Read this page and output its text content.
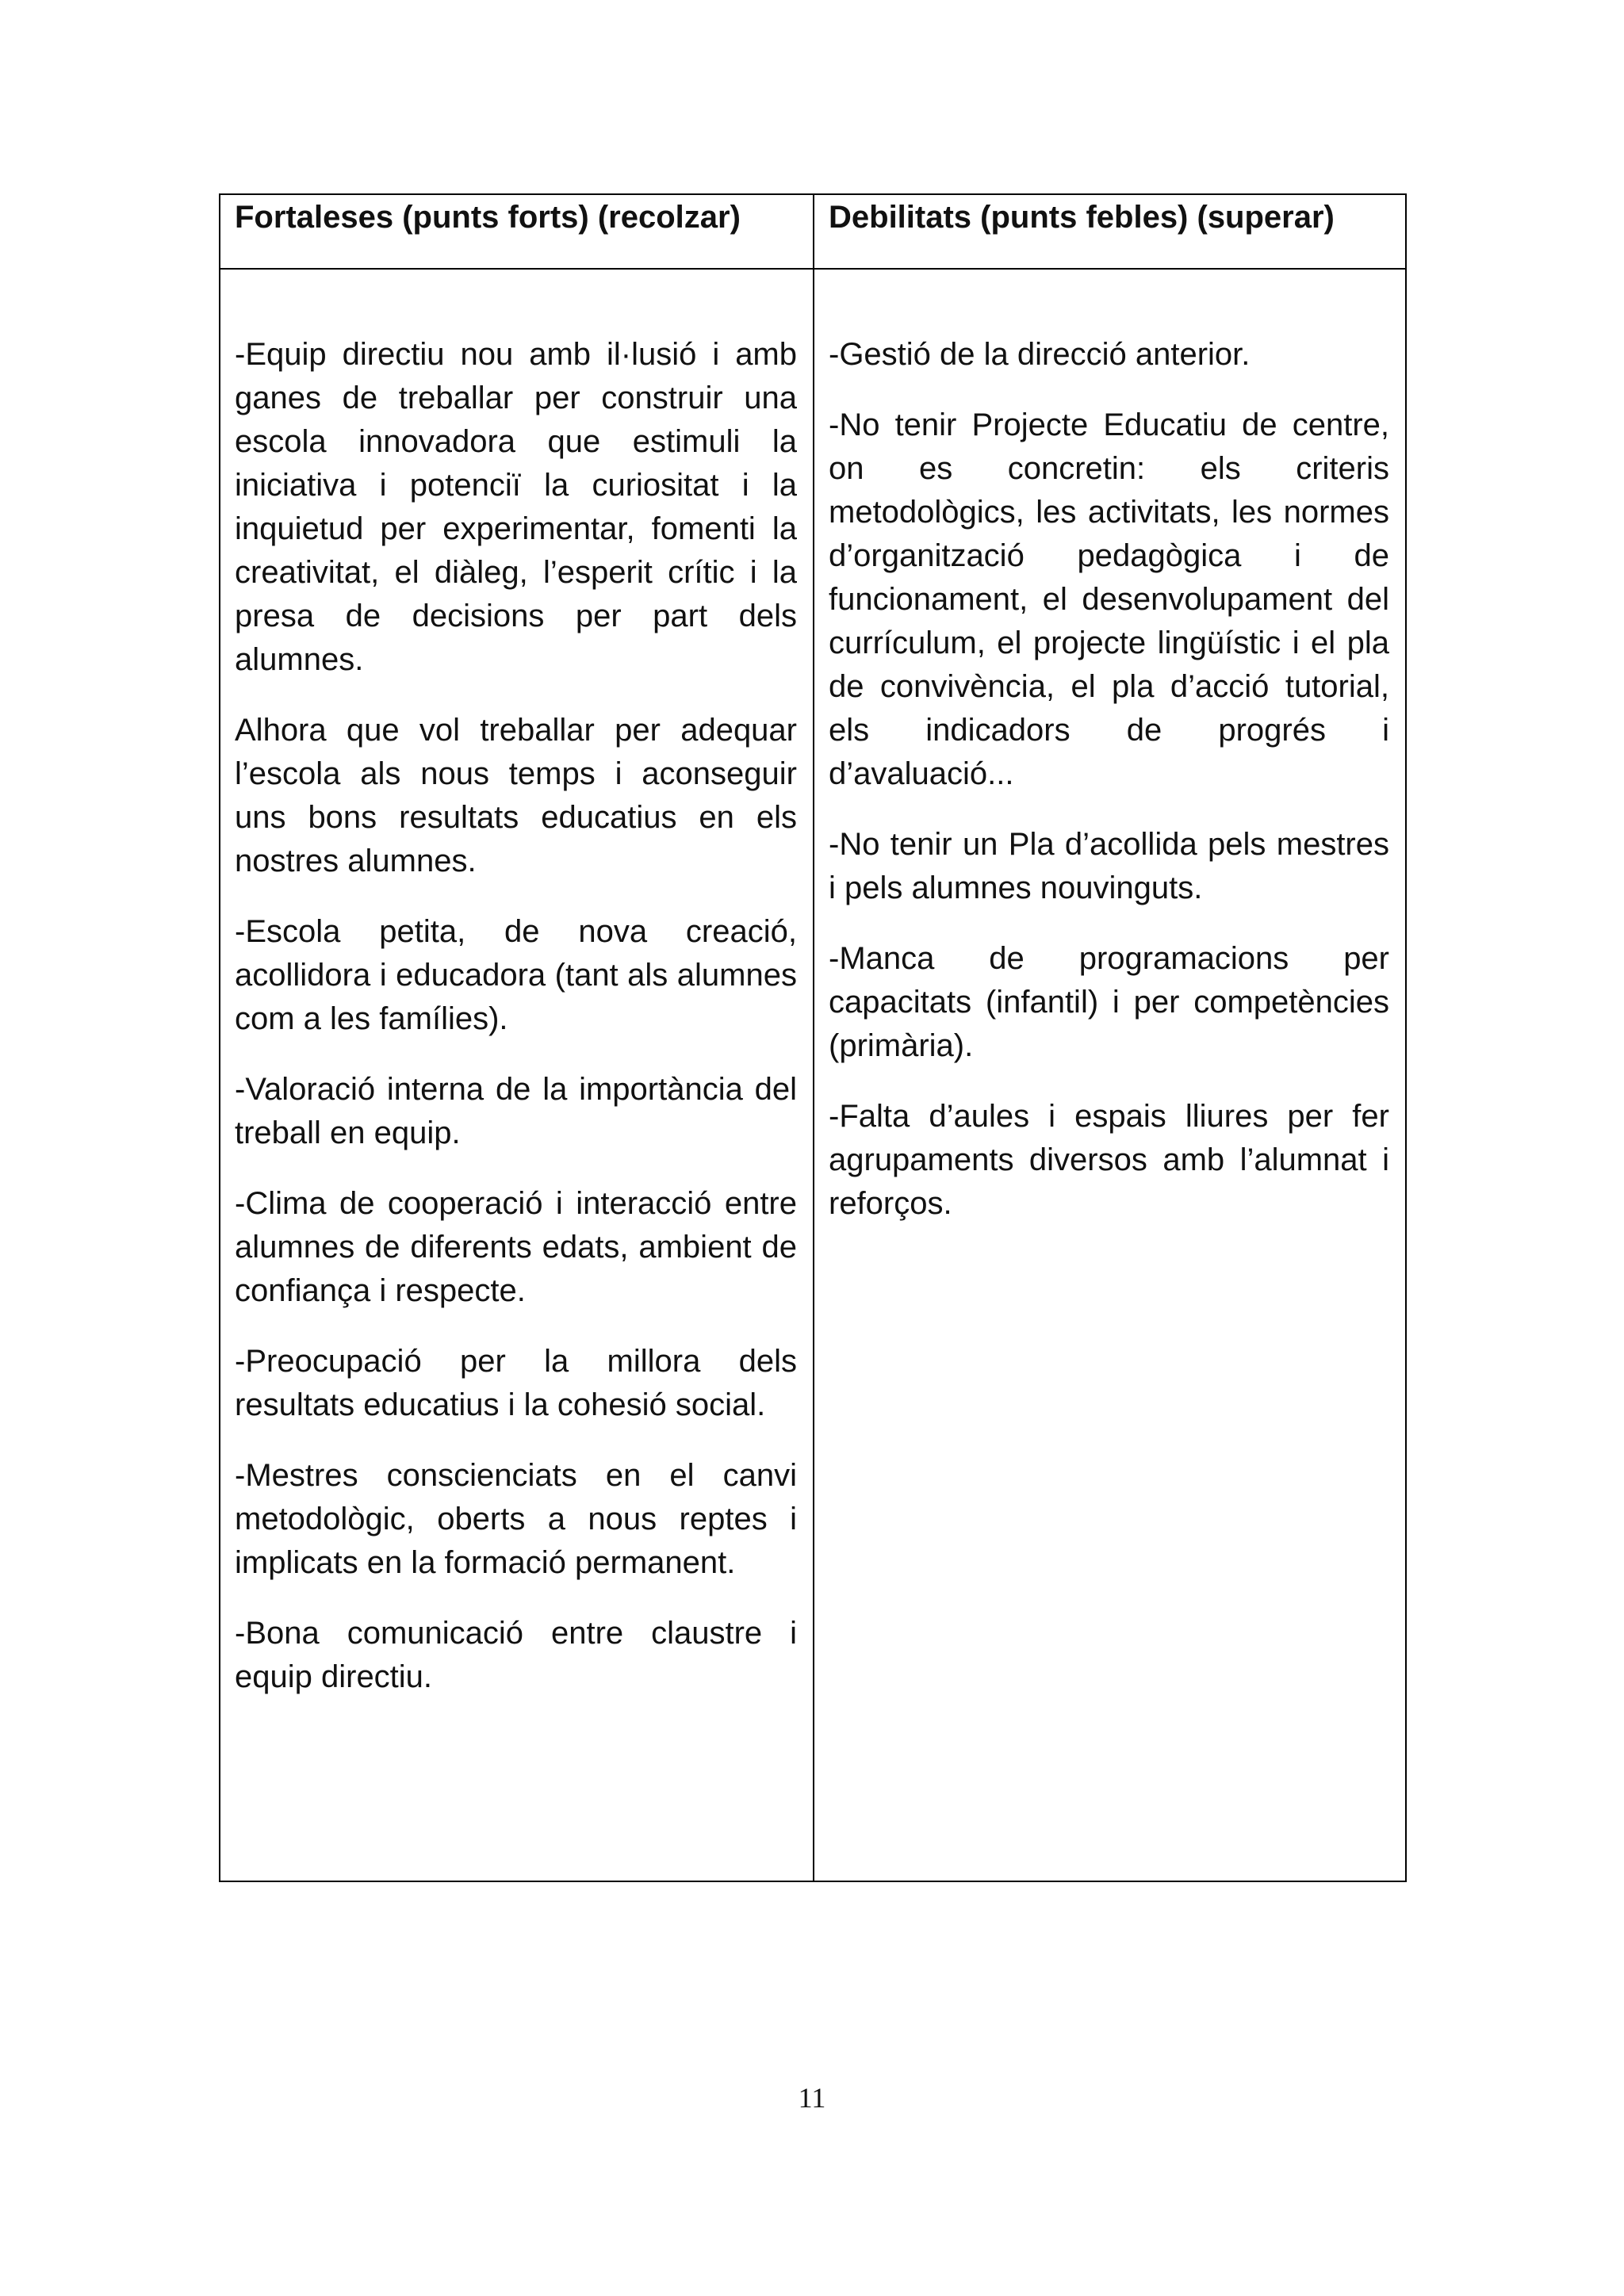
Fortaleses (punts forts) (recolzar)	Debilitats (punts febles) (superar)

-Equip directiu nou amb il·lusió i amb ganes de treballar per construir una escola innovadora que estimuli la iniciativa i potenciï la curiositat i la inquietud per experimentar, fomenti la creativitat, el diàleg, l’esperit crític i la presa de decisions per part dels alumnes.

Alhora que vol treballar per adequar l’escola als nous temps i aconseguir uns bons resultats educatius en els nostres alumnes.

-Escola petita, de nova creació, acollidora i educadora (tant als alumnes com a les famílies).

-Valoració interna de la importància del treball en equip.

-Clima de cooperació i interacció entre alumnes de diferents edats, ambient de confiança i respecte.

-Preocupació per la millora dels resultats educatius i la cohesió social.

-Mestres conscienciats en el canvi metodològic, oberts a nous reptes i implicats en la formació permanent.

-Bona comunicació entre claustre i equip directiu.

-Gestió de la direcció anterior.

-No tenir Projecte Educatiu de centre, on es concretin: els criteris metodològics, les activitats, les normes d’organització pedagògica i de funcionament, el desenvolupament del currículum, el projecte lingüístic i el pla de convivència, el pla d’acció tutorial, els indicadors de progrés i d’avaluació...

-No tenir un Pla d’acollida pels mestres i pels alumnes nouvinguts.

-Manca de programacions per capacitats (infantil) i per competències (primària).

-Falta d’aules i espais lliures per fer agrupaments diversos amb l’alumnat i reforços.

11
